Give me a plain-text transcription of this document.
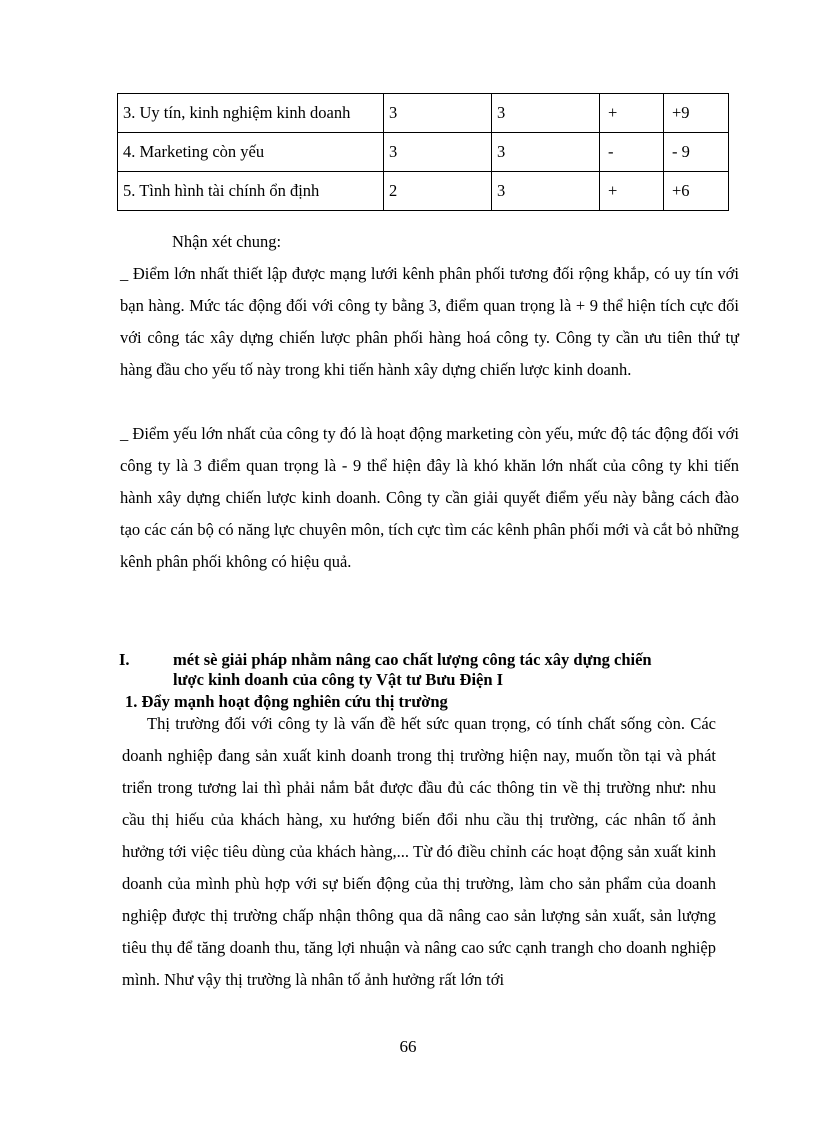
3. Uy tín, kinh nghiệm kinh doanh	3	3	+	+9
4. Marketing còn yếu	3	3	-	- 9
5. Tình hình tài chính ổn định	2	3	+	+6
Nhận xét chung:
_ Điểm lớn nhất thiết lập được mạng lưới kênh phân phối tương đối rộng khắp, có uy tín với bạn hàng. Mức tác động đối với công ty bằng 3, điểm quan trọng là + 9 thể hiện tích cực đối với công tác xây dựng chiến lược phân phối hàng hoá công ty. Công ty cần ưu tiên thứ tự hàng đầu cho yếu tố này trong khi tiến hành xây dựng chiến lược kinh doanh.
_ Điểm yếu lớn nhất của công ty đó là hoạt động marketing còn yếu, mức độ tác động đối với công ty là 3 điểm quan trọng là - 9 thể hiện đây là khó khăn lớn nhất của công ty khi tiến hành xây dựng chiến lược kinh doanh. Công ty cần giải quyết điểm yếu này bằng cách đào tạo các cán bộ có năng lực chuyên môn, tích cực tìm các kênh phân phối mới và cắt bỏ những kênh phân phối không có hiệu quả.
I.	mét sè giải pháp nhằm nâng cao chất lượng công tác xây dựng chiến
lược kinh doanh của công ty Vật tư Bưu Điện I
1. Đẩy mạnh hoạt động nghiên cứu thị trường
Thị trường đối với công ty là vấn đề hết sức quan trọng, có tính chất sống còn. Các doanh nghiệp đang sản xuất kinh doanh trong thị trường hiện nay, muốn tồn tại và phát triển trong tương lai thì phải nắm bắt được đầu đủ các thông tin về thị trường như: nhu cầu thị hiếu của khách hàng, xu hướng biến đổi nhu cầu thị trường, các nhân tố ảnh hưởng tới việc tiêu dùng của khách hàng,... Từ đó điều chỉnh các hoạt động sản xuất kinh doanh của mình phù hợp với sự biến động của thị trường, làm cho sản phẩm của doanh nghiệp được thị trường chấp nhận thông qua dã nâng cao sản lượng sản xuất, sản lượng tiêu thụ để tăng doanh thu, tăng lợi nhuận và nâng cao sức cạnh trangh cho doanh nghiệp mình. Như vậy thị trường là nhân tố ảnh hưởng rất lớn tới
66
